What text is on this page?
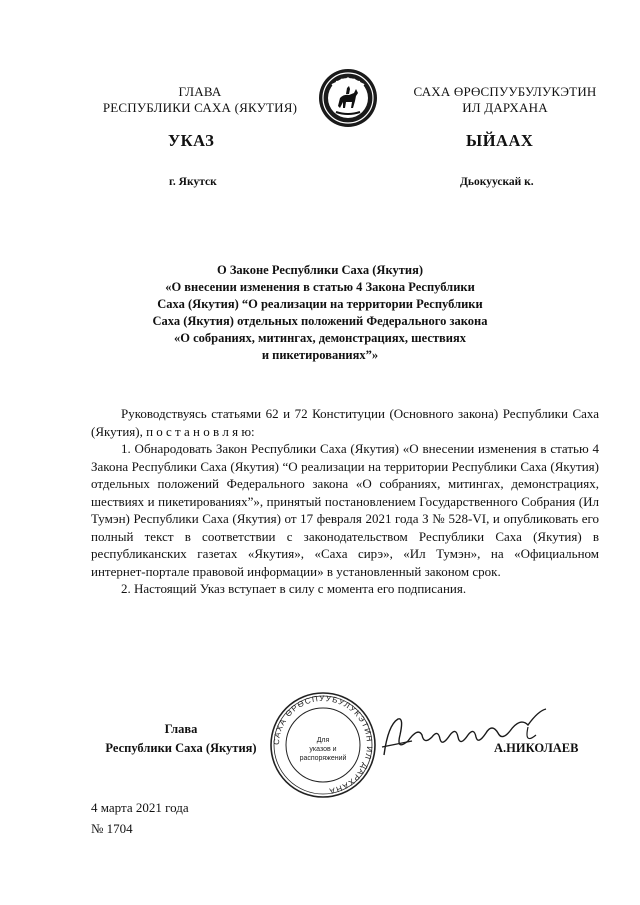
ГЛАВА
РЕСПУБЛИКИ САХА (ЯКУТИЯ)
САХА ӨРӨСПУУБУЛУКЭТИН
ИЛ ДАРХАНА
УКАЗ	ЫЙААХ
г. Якутск	Дьокуускай к.
О Законе Республики Саха (Якутия)
«О внесении изменения в статью 4 Закона Республики
Саха (Якутия) “О реализации на территории Республики
Саха (Якутия) отдельных положений Федерального закона
«О собраниях, митингах, демонстрациях, шествиях
и пикетированиях”»

Руководствуясь статьями 62 и 72 Конституции (Основного закона) Республики Саха (Якутия), п о с т а н о в л я ю:

1. Обнародовать Закон Республики Саха (Якутия) «О внесении изменения в статью 4 Закона Республики Саха (Якутия) “О реализации на территории Республики Саха (Якутия) отдельных положений Федерального закона «О собраниях, митингах, демонстрациях, шествиях и пикетированиях”», принятый постановлением Государственного Собрания (Ил Тумэн) Республики Саха (Якутия) от 17 февраля 2021 года З № 528-VI, и опубликовать его полный текст в соответствии с законодательством Республики Саха (Якутия) в республиканских газетах «Якутия», «Саха сирэ», «Ил Тумэн», на «Официальном интернет-портале правовой информации» в установленный законом срок.

2. Настоящий Указ вступает в силу с момента его подписания.

Глава
Республики Саха (Якутия)	САХА ӨРӨСПУУБУЛУКЭТИН ИЛ ДАРХАНА
Для
указов и
распоряжений
А.НИКОЛАЕВ
4 марта 2021 года
№ 1704
